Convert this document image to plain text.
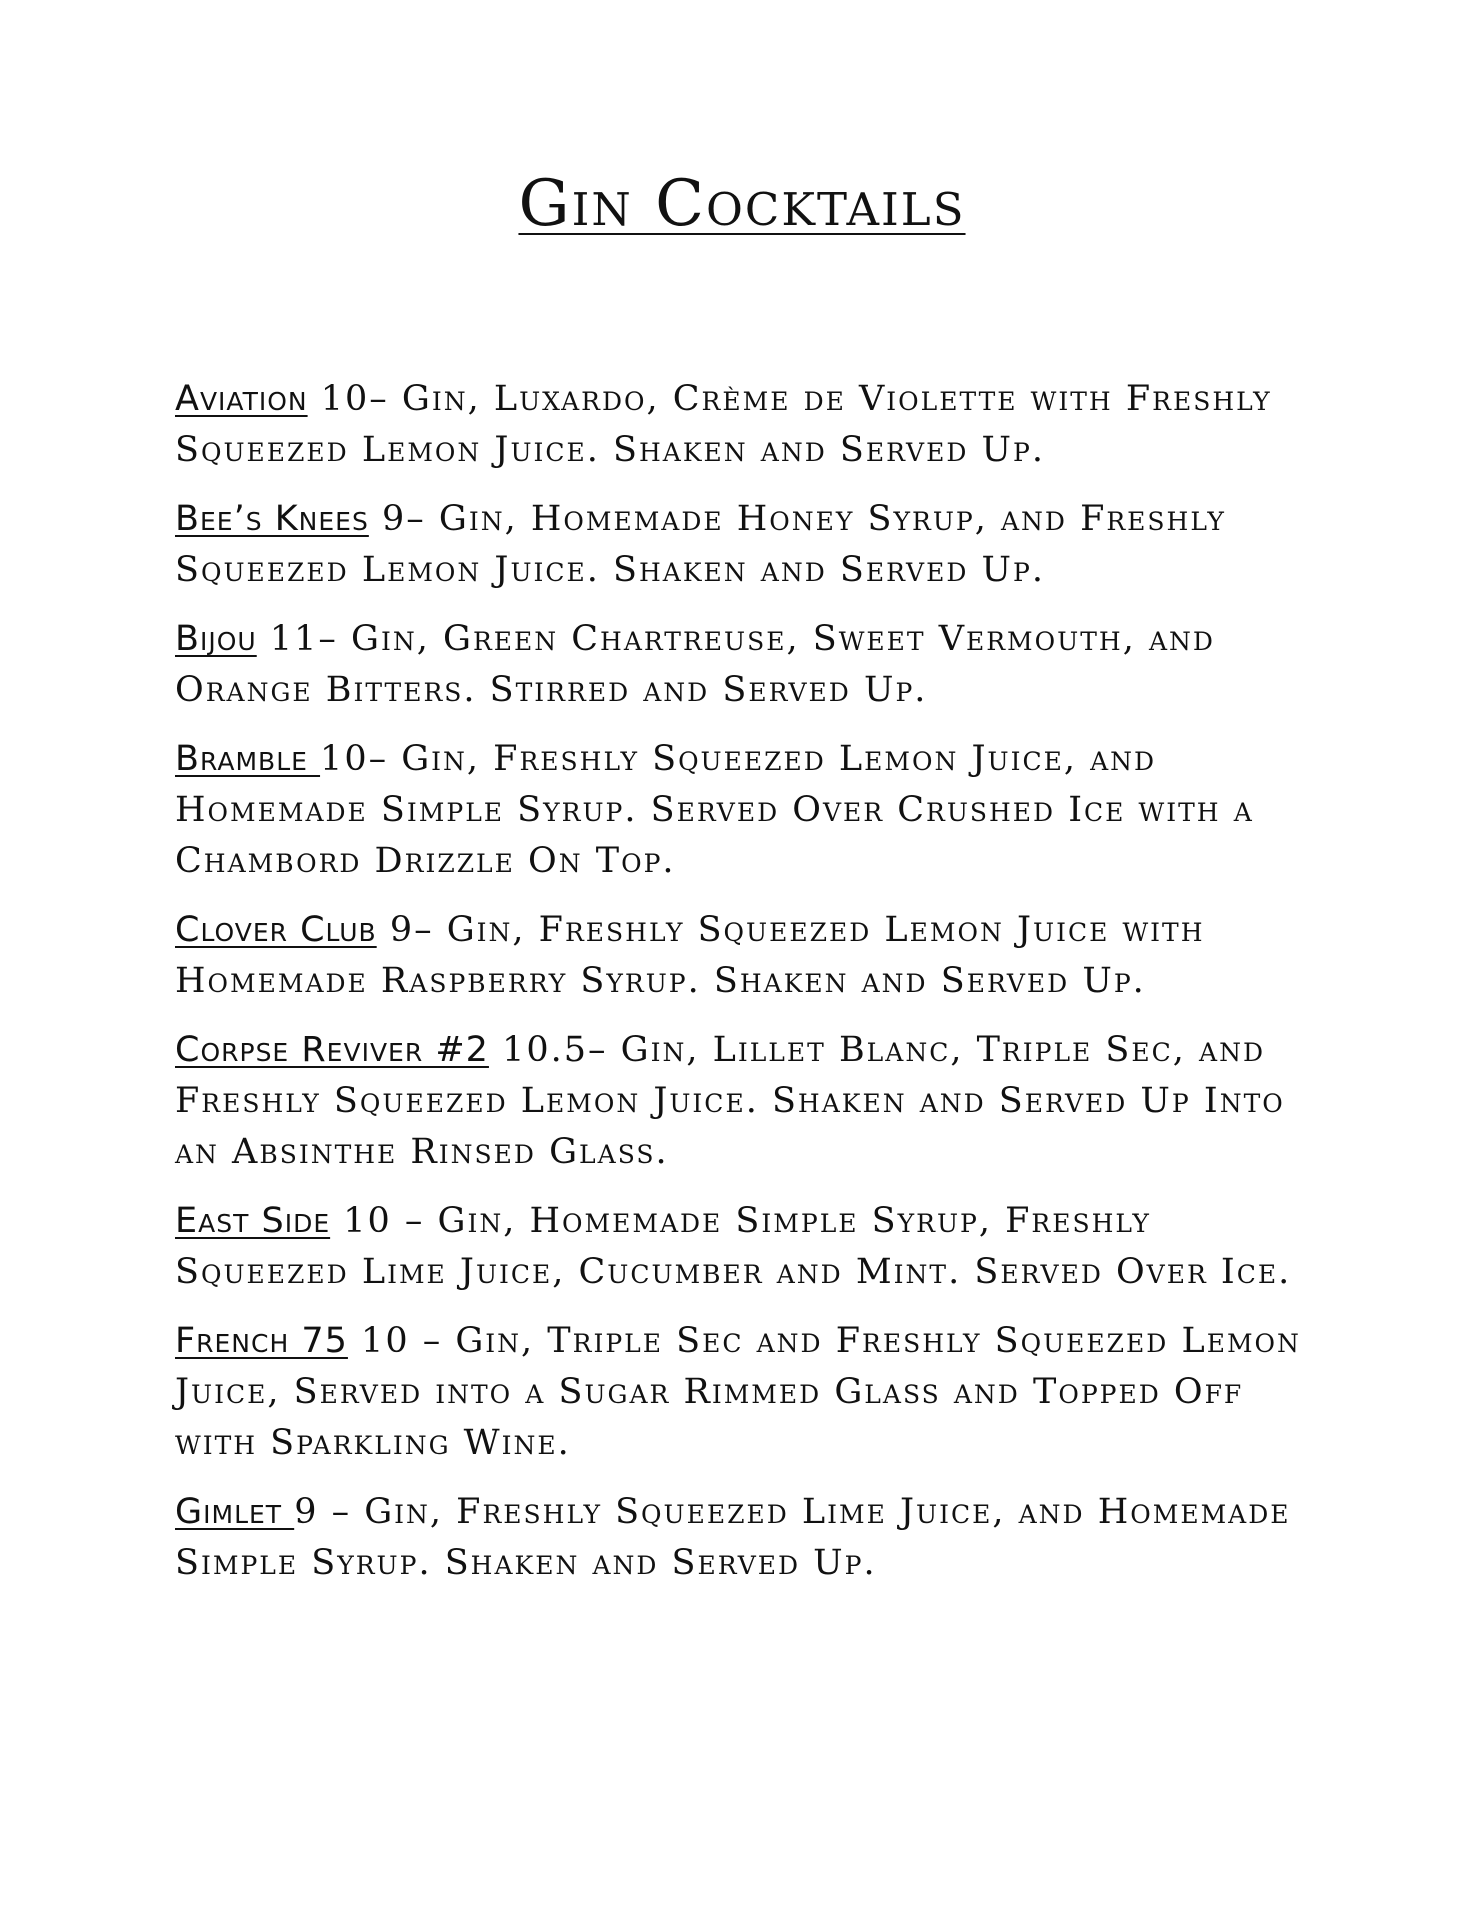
Gin Cocktails

Aviation 10– Gin, Luxardo, Crème de Violette with Freshly Squeezed Lemon Juice. Shaken and Served Up.

Bee’s Knees 9– Gin, Homemade Honey Syrup, and Freshly Squeezed Lemon Juice. Shaken and Served Up.

Bijou 11– Gin, Green Chartreuse, Sweet Vermouth, and Orange Bitters. Stirred and Served Up.

Bramble 10– Gin, Freshly Squeezed Lemon Juice, and Homemade Simple Syrup. Served Over Crushed Ice with a Chambord Drizzle On Top.

Clover Club 9– Gin, Freshly Squeezed Lemon Juice with Homemade Raspberry Syrup. Shaken and Served Up.

Corpse Reviver #2 10.5– Gin, Lillet Blanc, Triple Sec, and Freshly Squeezed Lemon Juice. Shaken and Served Up Into an Absinthe Rinsed Glass.

East Side 10 – Gin, Homemade Simple Syrup, Freshly Squeezed Lime Juice, Cucumber and Mint. Served Over Ice.

French 75 10 – Gin, Triple Sec and Freshly Squeezed Lemon Juice, Served into a Sugar Rimmed Glass and Topped Off with Sparkling Wine.

Gimlet 9 – Gin, Freshly Squeezed Lime Juice, and Homemade Simple Syrup. Shaken and Served Up.
